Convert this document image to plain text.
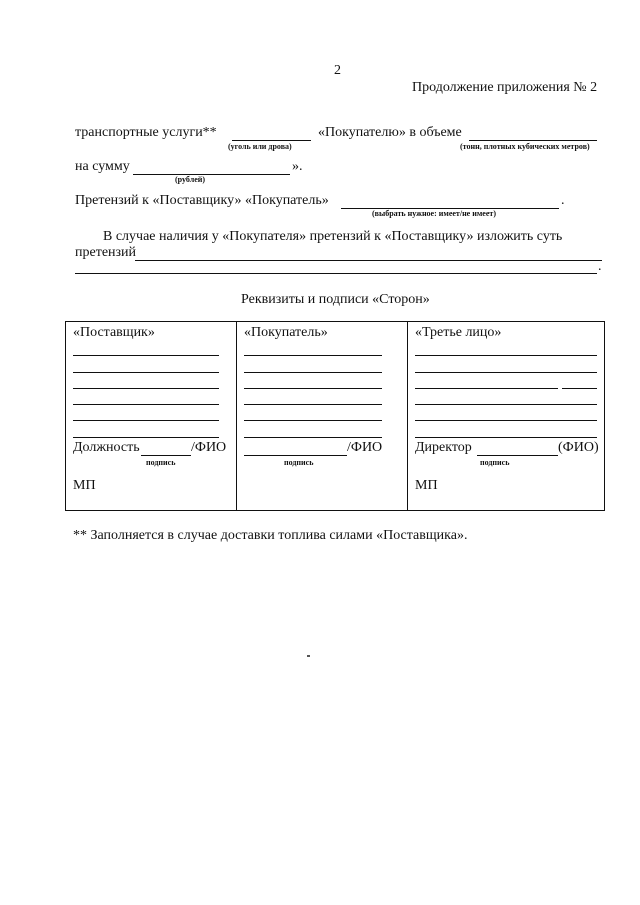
2
Продолжение приложения № 2
транспортные услуги**	«Покупателю» в объеме
(уголь или дрова)	(тонн, плотных кубических метров)
на сумму	».
(рублей)
Претензий к «Поставщику» «Покупатель»	.
(выбрать нужное: имеет/не имеет)
В случае наличия у «Покупателя» претензий к «Поставщику» изложить суть
претензий
.
Реквизиты и подписи «Сторон»
«Поставщик»
Должность	/ФИО
подпись
МП
«Покупатель»
/ФИО
подпись
«Третье лицо»
Директор	(ФИО)
подпись
МП
** Заполняется в случае доставки топлива силами «Поставщика».
